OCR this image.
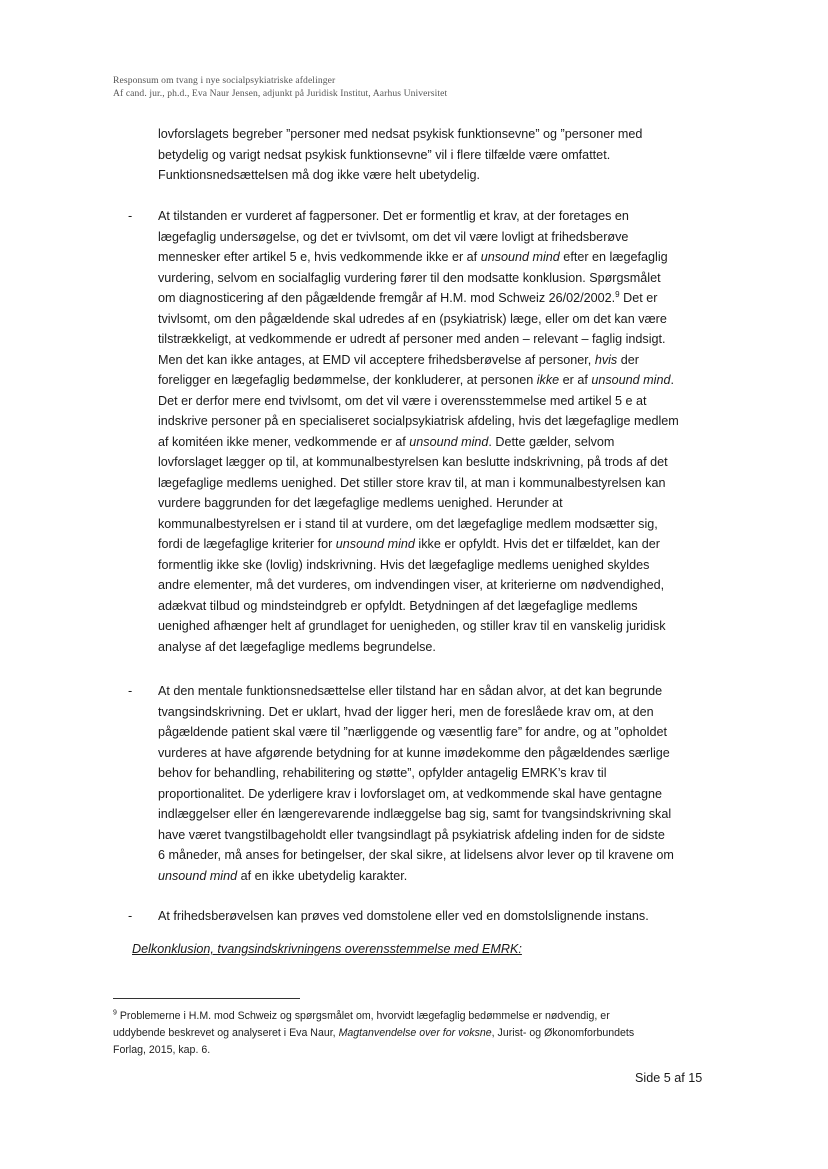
Responsum om tvang i nye socialpsykiatriske afdelinger
Af cand. jur., ph.d., Eva Naur Jensen, adjunkt på Juridisk Institut, Aarhus Universitet
lovforslagets begreber ”personer med nedsat psykisk funktionsevne” og ”personer med
betydelig og varigt nedsat psykisk funktionsevne” vil i flere tilfælde være omfattet.
Funktionsnedsættelsen må dog ikke være helt ubetydelig.
- At tilstanden er vurderet af fagpersoner. Det er formentlig et krav, at der foretages en
lægefaglig undersøgelse, og det er tvivlsomt, om det vil være lovligt at frihedsberøve
mennesker efter artikel 5 e, hvis vedkommende ikke er af unsound mind efter en lægefaglig
vurdering, selvom en socialfaglig vurdering fører til den modsatte konklusion. Spørgsmålet
om diagnosticering af den pågældende fremgår af H.M. mod Schweiz 26/02/2002.$^9$ Det er
tvivlsomt, om den pågældende skal udredes af en (psykiatrisk) læge, eller om det kan være
tilstrækkeligt, at vedkommende er udredt af personer med anden – relevant – faglig indsigt.
Men det kan ikke antages, at EMD vil acceptere frihedsberøvelse af personer, hvis der
foreligger en lægefaglig bedømmelse, der konkluderer, at personen ikke er af unsound mind.
Det er derfor mere end tvivlsomt, om det vil være i overensstemmelse med artikel 5 e at
indskrive personer på en specialiseret socialpsykiatrisk afdeling, hvis det lægefaglige medlem
af komitéen ikke mener, vedkommende er af unsound mind. Dette gælder, selvom
lovforslaget lægger op til, at kommunalbestyrelsen kan beslutte indskrivning, på trods af det
lægefaglige medlems uenighed. Det stiller store krav til, at man i kommunalbestyrelsen kan
vurdere baggrunden for det lægefaglige medlems uenighed. Herunder at
kommunalbestyrelsen er i stand til at vurdere, om det lægefaglige medlem modsætter sig,
fordi de lægefaglige kriterier for unsound mind ikke er opfyldt. Hvis det er tilfældet, kan der
formentlig ikke ske (lovlig) indskrivning. Hvis det lægefaglige medlems uenighed skyldes
andre elementer, må det vurderes, om indvendingen viser, at kriterierne om nødvendighed,
adækvat tilbud og mindsteindgreb er opfyldt. Betydningen af det lægefaglige medlems
uenighed afhænger helt af grundlaget for uenigheden, og stiller krav til en vanskelig juridisk
analyse af det lægefaglige medlems begrundelse.
- At den mentale funktionsnedsættelse eller tilstand har en sådan alvor, at det kan begrunde
tvangsindskrivning. Det er uklart, hvad der ligger heri, men de foreslåede krav om, at den
pågældende patient skal være til ”nærliggende og væsentlig fare” for andre, og at ”opholdet
vurderes at have afgørende betydning for at kunne imødekomme den pågældendes særlige
behov for behandling, rehabilitering og støtte”, opfylder antagelig EMRK’s krav til
proportionalitet. De yderligere krav i lovforslaget om, at vedkommende skal have gentagne
indlæggelser eller én længerevarende indlæggelse bag sig, samt for tvangsindskrivning skal
have været tvangstilbageholdt eller tvangsindlagt på psykiatrisk afdeling inden for de sidste
6 måneder, må anses for betingelser, der skal sikre, at lidelsens alvor lever op til kravene om
unsound mind af en ikke ubetydelig karakter.
- At frihedsberøvelsen kan prøves ved domstolene eller ved en domstolslignende instans.
Delkonklusion, tvangsindskrivningens overensstemmelse med EMRK:
$^9$ Problemerne i H.M. mod Schweiz og spørgsmålet om, hvorvidt lægefaglig bedømmelse er nødvendig, er
uddybende beskrevet og analyseret i Eva Naur, Magtanvendelse over for voksne, Jurist- og Økonomforbundets
Forlag, 2015, kap. 6.
Side 5 af 15
